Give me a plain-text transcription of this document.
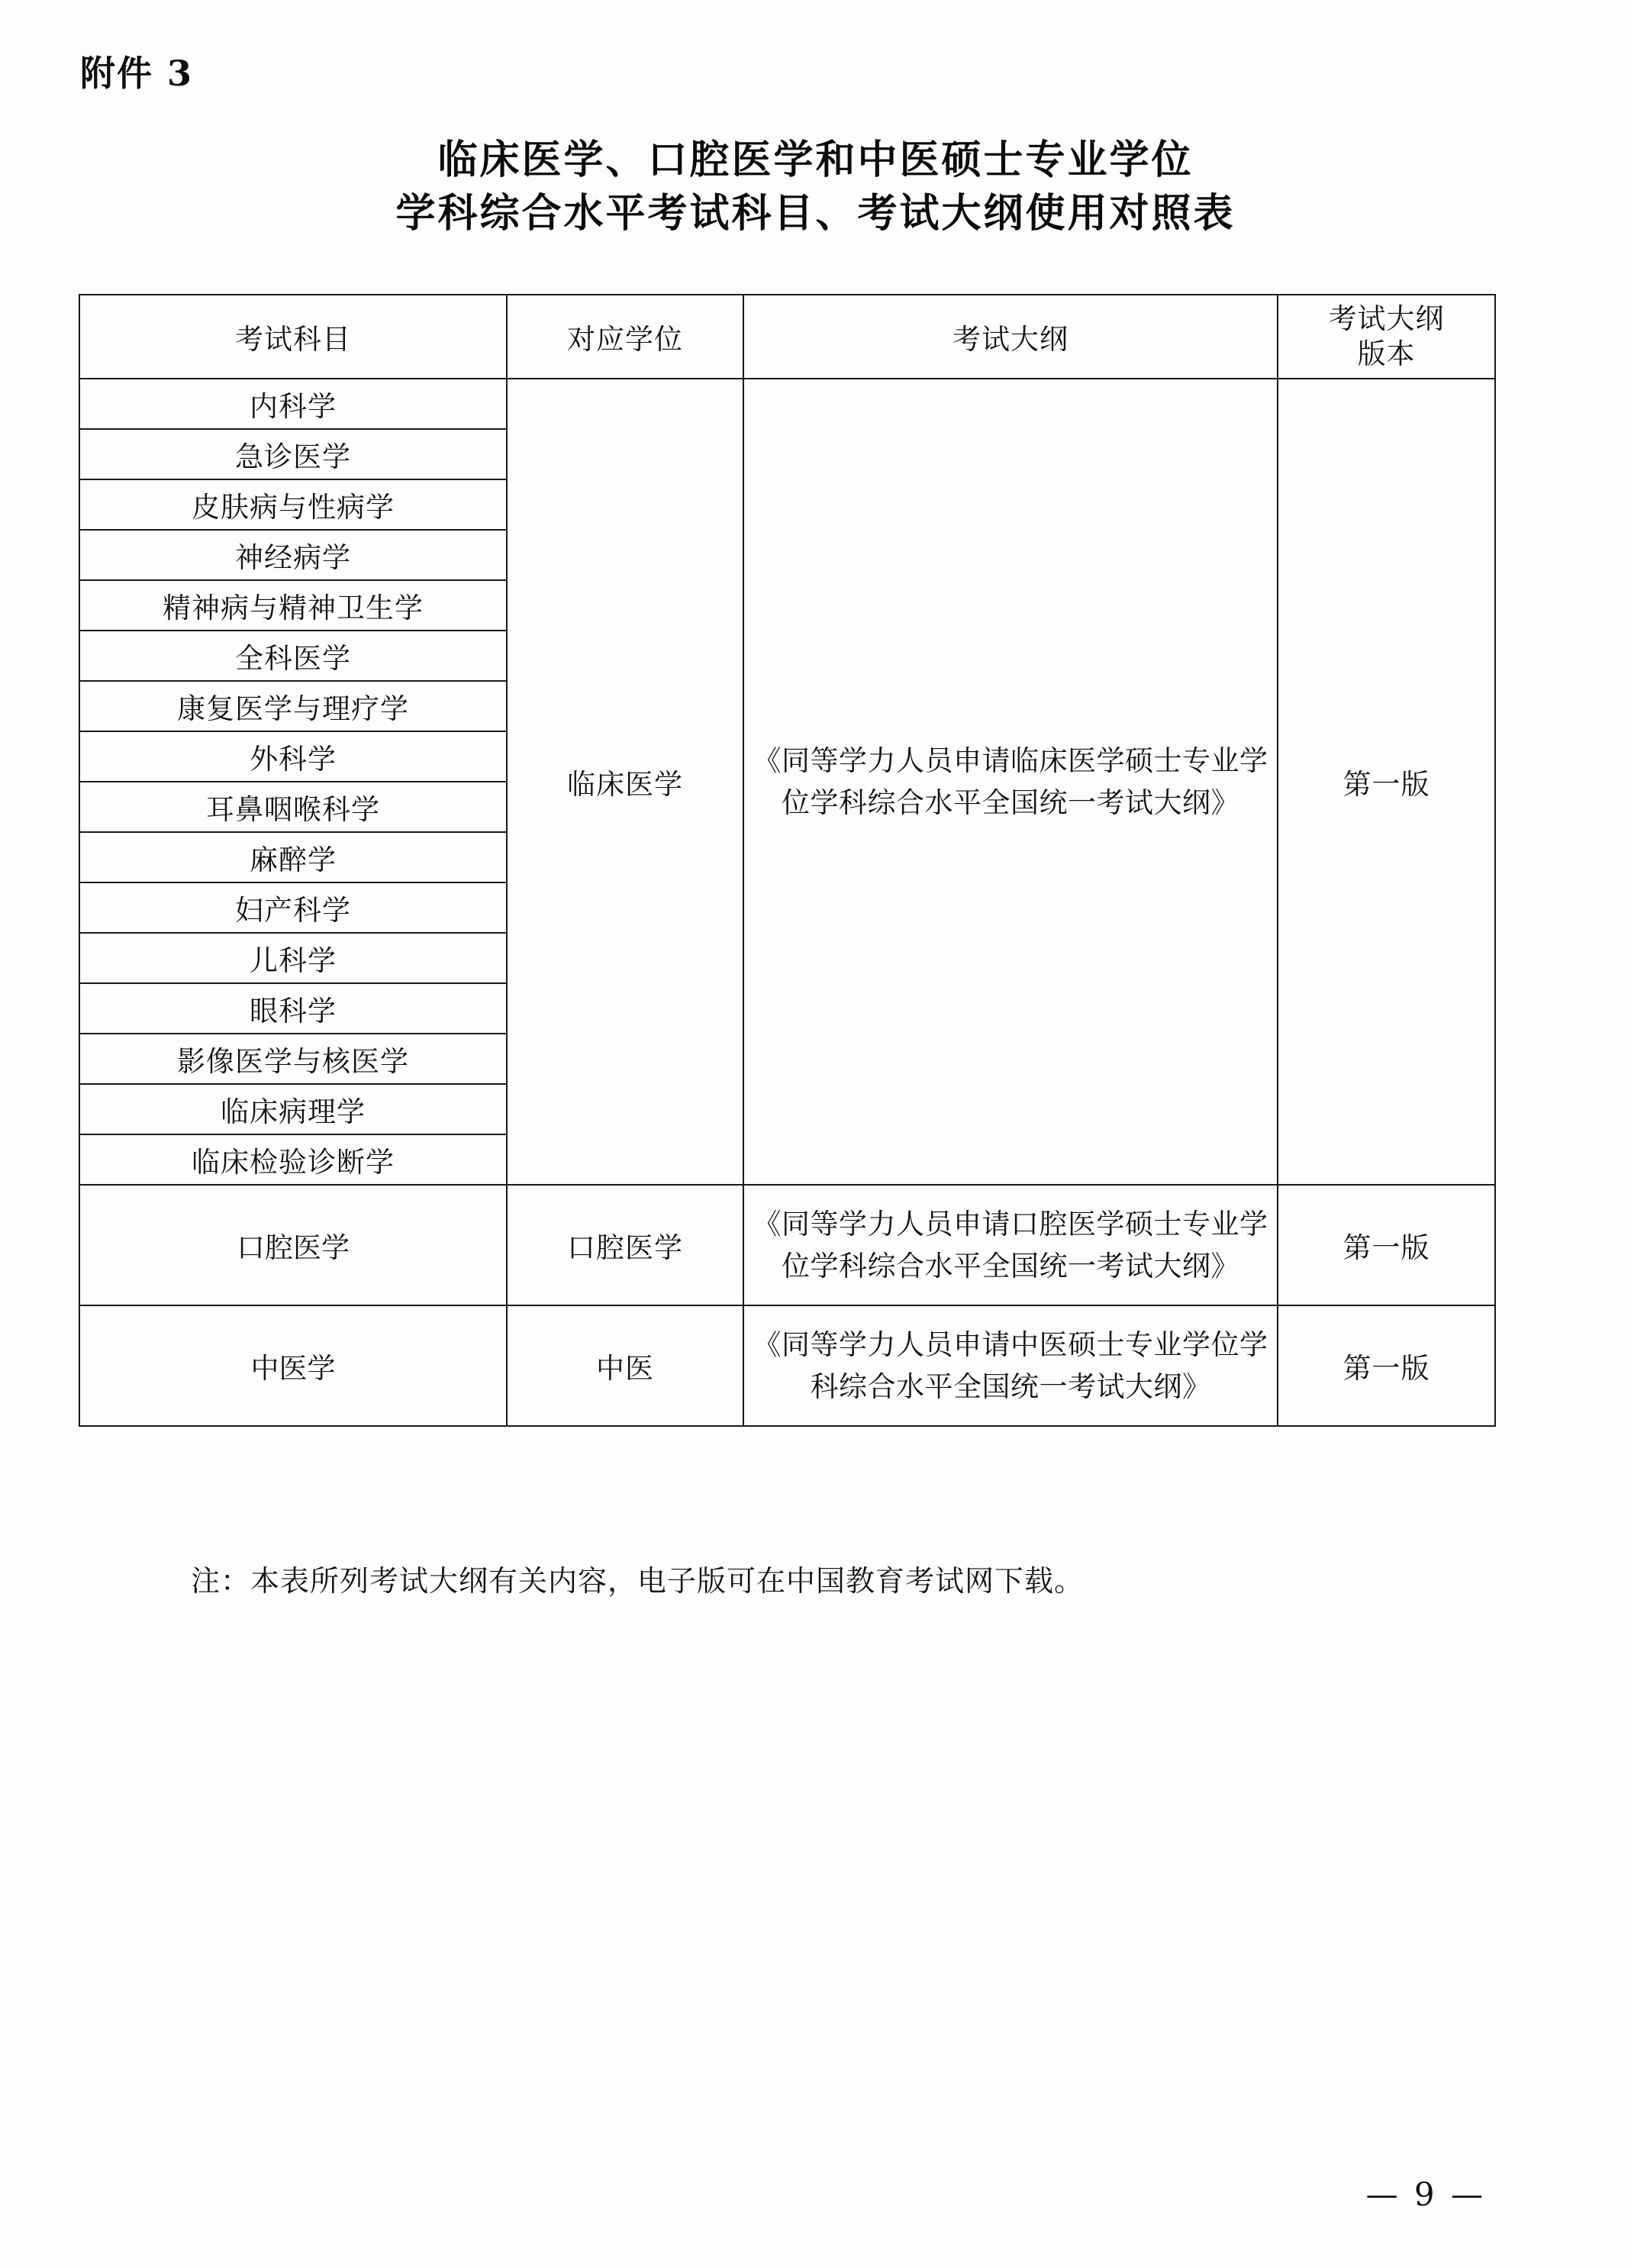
附件 3
临床医学、口腔医学和中医硕士专业学位
学科综合水平考试科目、考试大纲使用对照表
考试科目	对应学位	考试大纲	考试大纲
版本

内科学	临床医学	《同等学力人员申请临床医学硕士专业学位学科综合水平全国统一考试大纲》	第一版
急诊医学			
皮肤病与性病学			
神经病学			
精神病与精神卫生学			
全科医学			
康复医学与理疗学			
外科学			
耳鼻咽喉科学			
麻醉学			
妇产科学			
儿科学			
眼科学			
影像医学与核医学			
临床病理学			
临床检验诊断学			
口腔医学	口腔医学	《同等学力人员申请口腔医学硕士专业学位学科综合水平全国统一考试大纲》	第一版
中医学	中医	《同等学力人员申请中医硕士专业学位学科综合水平全国统一考试大纲》	第一版
注：本表所列考试大纲有关内容，电子版可在中国教育考试网下载。
— 9 —
